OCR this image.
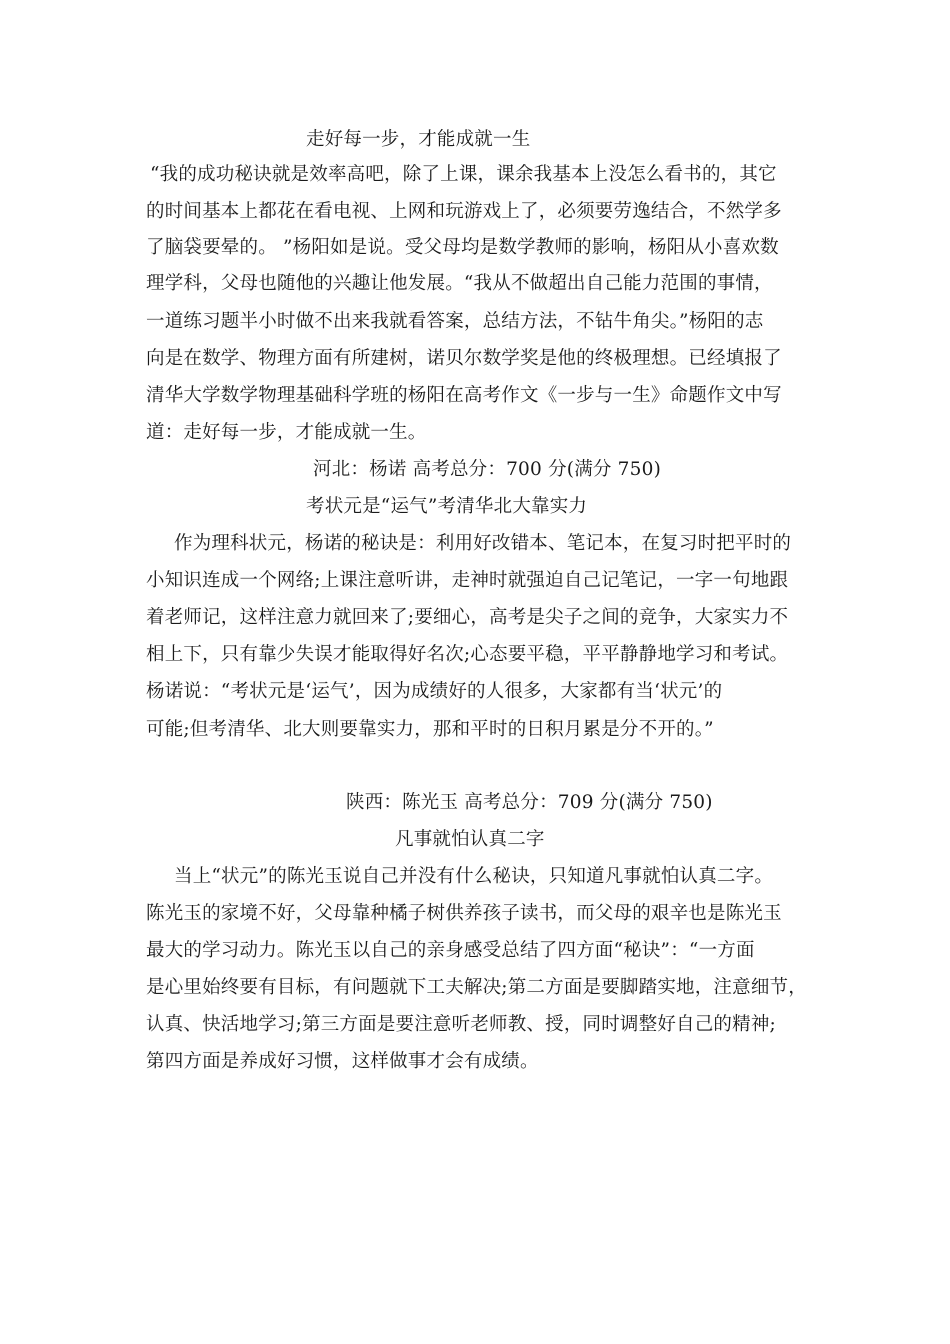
走好每一步，才能成就一生
“我的成功秘诀就是效率高吧，除了上课，课余我基本上没怎么看书的，其它
的时间基本上都花在看电视、上网和玩游戏上了，必须要劳逸结合，不然学多
了脑袋要晕的。 ”杨阳如是说。受父母均是数学教师的影响，杨阳从小喜欢数
理学科，父母也随他的兴趣让他发展。“我从不做超出自己能力范围的事情，
一道练习题半小时做不出来我就看答案，总结方法，不钻牛角尖。”杨阳的志
向是在数学、物理方面有所建树，诺贝尔数学奖是他的终极理想。已经填报了
清华大学数学物理基础科学班的杨阳在高考作文《一步与一生》命题作文中写
道：走好每一步，才能成就一生。
河北：杨诺 高考总分：700 分(满分 750)
考状元是“运气”考清华北大靠实力
作为理科状元，杨诺的秘诀是：利用好改错本、笔记本，在复习时把平时的
小知识连成一个网络;上课注意听讲，走神时就强迫自己记笔记，一字一句地跟
着老师记，这样注意力就回来了;要细心，高考是尖子之间的竞争，大家实力不
相上下，只有靠少失误才能取得好名次;心态要平稳，平平静静地学习和考试。
杨诺说：“考状元是‘运气’，因为成绩好的人很多，大家都有当‘状元’的
可能;但考清华、北大则要靠实力，那和平时的日积月累是分不开的。”
陕西：陈光玉 高考总分：709 分(满分 750)
凡事就怕认真二字
当上“状元”的陈光玉说自己并没有什么秘诀，只知道凡事就怕认真二字。
陈光玉的家境不好，父母靠种橘子树供养孩子读书，而父母的艰辛也是陈光玉
最大的学习动力。陈光玉以自己的亲身感受总结了四方面“秘诀”：“一方面
是心里始终要有目标，有问题就下工夫解决;第二方面是要脚踏实地，注意细节，
认真、快活地学习;第三方面是要注意听老师教、授，同时调整好自己的精神;
第四方面是养成好习惯，这样做事才会有成绩。
